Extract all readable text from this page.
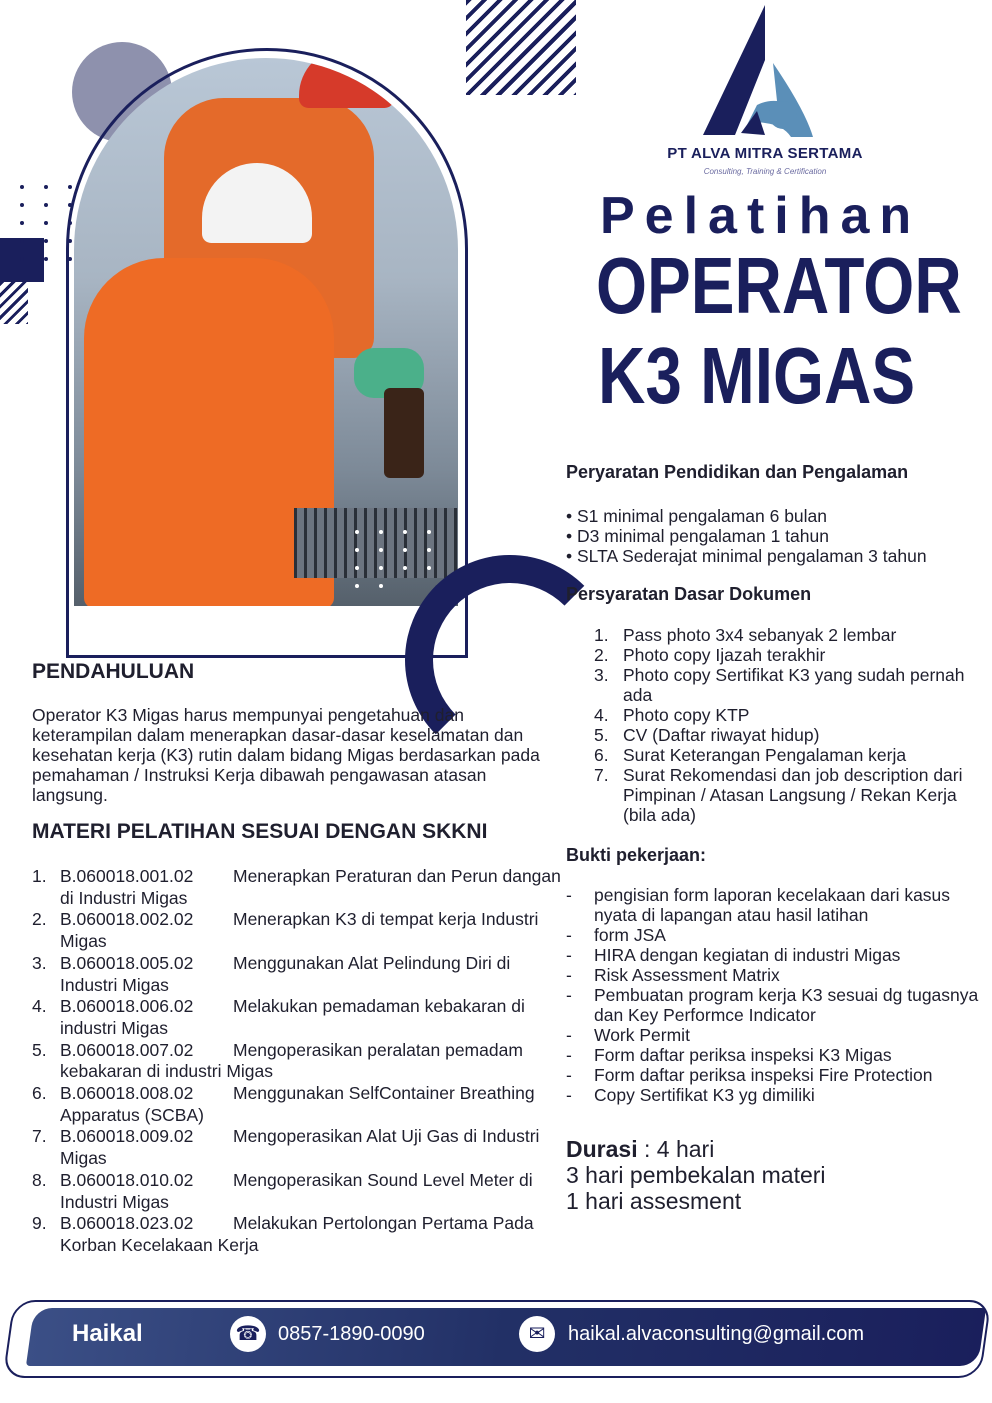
PT ALVA MITRA SERTAMA
Consulting, Training & Certification
Pelatihan
OPERATOR
K3 MIGAS
Peryaratan Pendidikan dan Pengalaman
• S1 minimal pengalaman 6 bulan
• D3 minimal pengalaman 1 tahun
• SLTA Sederajat minimal pengalaman 3 tahun
Persyaratan Dasar Dokumen
Pass photo 3x4 sebanyak 2 lembar
Photo copy Ijazah terakhir
Photo copy Sertifikat K3 yang sudah pernah ada
Photo copy KTP
CV (Daftar riwayat hidup)
Surat Keterangan Pengalaman kerja
Surat Rekomendasi dan job description dari Pimpinan / Atasan Langsung / Rekan Kerja (bila ada)
Bukti pekerjaan:
- pengisian form laporan kecelakaan dari kasus nyata di lapangan atau hasil latihan
- form JSA
- HIRA dengan kegiatan di industri Migas
- Risk Assessment Matrix
- Pembuatan program kerja K3 sesuai dg tugasnya dan Key Performce Indicator
- Work Permit
- Form daftar periksa inspeksi K3 Migas
- Form daftar periksa inspeksi Fire Protection
- Copy Sertifikat K3 yg dimiliki
Durasi : 4 hari
3 hari pembekalan materi
1 hari assesment
PENDAHULUAN
Operator K3 Migas harus mempunyai pengetahuan dan keterampilan dalam menerapkan dasar-dasar keselamatan dan kesehatan kerja (K3) rutin dalam bidang Migas berdasarkan pada pemahaman / Instruksi Kerja dibawah pengawasan atasan langsung.
MATERI PELATIHAN SESUAI DENGAN SKKNI
1. B.060018.001.02 Menerapkan Peraturan dan Perun dangan di Industri Migas
2. B.060018.002.02 Menerapkan K3 di tempat kerja Industri Migas
3. B.060018.005.02 Menggunakan Alat Pelindung Diri di Industri Migas
4. B.060018.006.02 Melakukan pemadaman kebakaran di industri Migas
5. B.060018.007.02 Mengoperasikan peralatan pemadam kebakaran di industri Migas
6. B.060018.008.02 Menggunakan SelfContainer Breathing Apparatus (SCBA)
7. B.060018.009.02 Mengoperasikan Alat Uji Gas di Industri Migas
8. B.060018.010.02 Mengoperasikan Sound Level Meter di Industri Migas
9. B.060018.023.02 Melakukan Pertolongan Pertama Pada Korban Kecelakaan Kerja
Haikal	☎ 0857-1890-0090	✉	haikal.alvaconsulting@gmail.com
